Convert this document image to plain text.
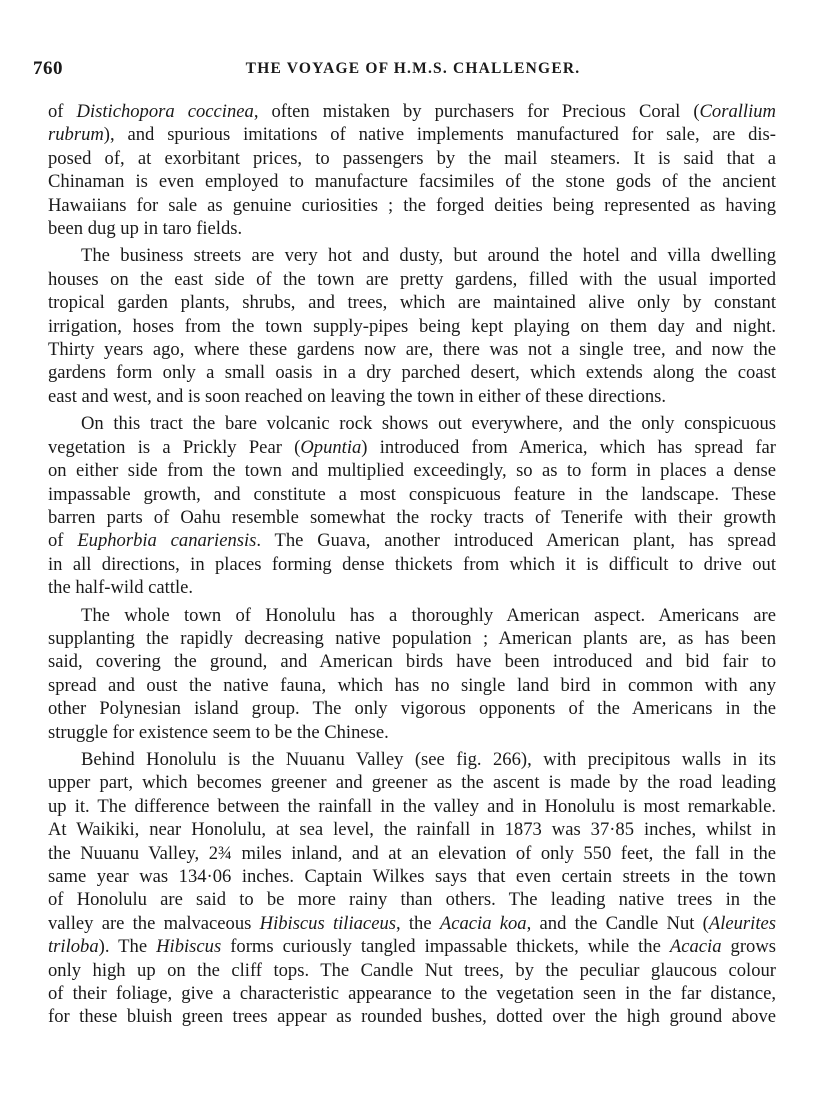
760	THE VOYAGE OF H.M.S. CHALLENGER.
of Distichopora coccinea, often mistaken by purchasers for Precious Coral (Corallium
rubrum), and spurious imitations of native implements manufactured for sale, are dis-
posed of, at exorbitant prices, to passengers by the mail steamers. It is said that a
Chinaman is even employed to manufacture facsimiles of the stone gods of the ancient
Hawaiians for sale as genuine curiosities ; the forged deities being represented as having
been dug up in taro fields.
The business streets are very hot and dusty, but around the hotel and villa dwelling
houses on the east side of the town are pretty gardens, filled with the usual imported
tropical garden plants, shrubs, and trees, which are maintained alive only by constant
irrigation, hoses from the town supply-pipes being kept playing on them day and night.
Thirty years ago, where these gardens now are, there was not a single tree, and now the
gardens form only a small oasis in a dry parched desert, which extends along the coast
east and west, and is soon reached on leaving the town in either of these directions.
On this tract the bare volcanic rock shows out everywhere, and the only conspicuous
vegetation is a Prickly Pear (Opuntia) introduced from America, which has spread far
on either side from the town and multiplied exceedingly, so as to form in places a dense
impassable growth, and constitute a most conspicuous feature in the landscape. These
barren parts of Oahu resemble somewhat the rocky tracts of Tenerife with their growth
of Euphorbia canariensis. The Guava, another introduced American plant, has spread
in all directions, in places forming dense thickets from which it is difficult to drive out
the half-wild cattle.
The whole town of Honolulu has a thoroughly American aspect. Americans are
supplanting the rapidly decreasing native population ; American plants are, as has been
said, covering the ground, and American birds have been introduced and bid fair to
spread and oust the native fauna, which has no single land bird in common with any
other Polynesian island group. The only vigorous opponents of the Americans in the
struggle for existence seem to be the Chinese.
Behind Honolulu is the Nuuanu Valley (see fig. 266), with precipitous walls in its
upper part, which becomes greener and greener as the ascent is made by the road leading
up it. The difference between the rainfall in the valley and in Honolulu is most remarkable.
At Waikiki, near Honolulu, at sea level, the rainfall in 1873 was 37·85 inches, whilst in
the Nuuanu Valley, 2¾ miles inland, and at an elevation of only 550 feet, the fall in the
same year was 134·06 inches. Captain Wilkes says that even certain streets in the town
of Honolulu are said to be more rainy than others. The leading native trees in the
valley are the malvaceous Hibiscus tiliaceus, the Acacia koa, and the Candle Nut (Aleurites
triloba). The Hibiscus forms curiously tangled impassable thickets, while the Acacia grows
only high up on the cliff tops. The Candle Nut trees, by the peculiar glaucous colour
of their foliage, give a characteristic appearance to the vegetation seen in the far distance,
for these bluish green trees appear as rounded bushes, dotted over the high ground above
